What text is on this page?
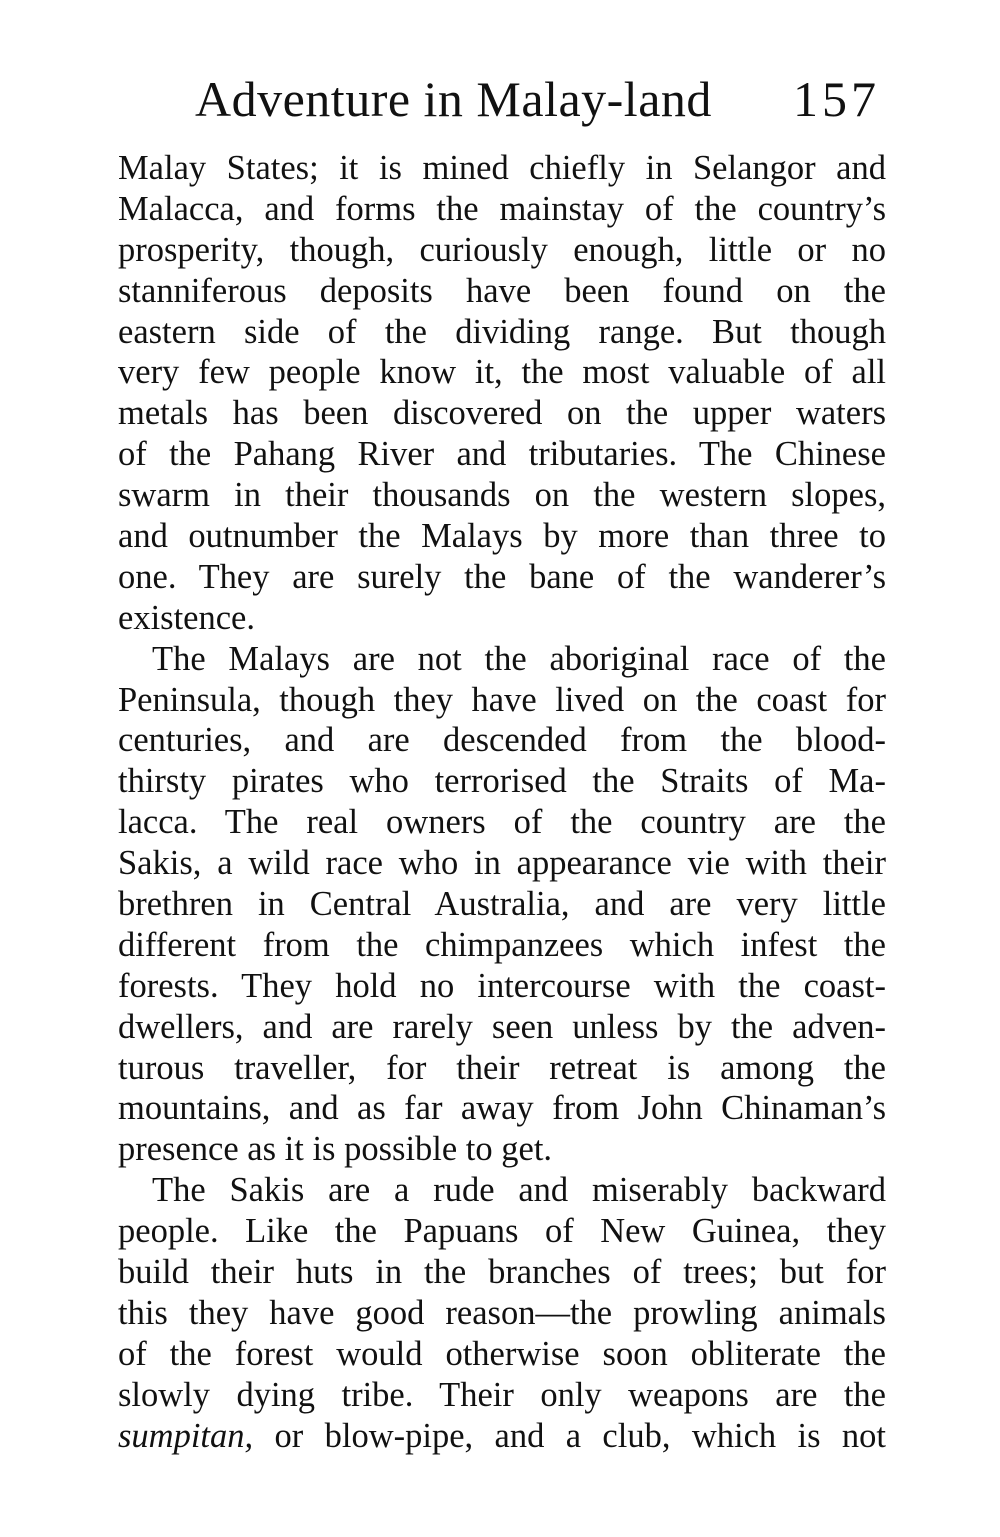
Adventure in Malay-land 157
Malay States; it is mined chiefly in Selangor and
Malacca, and forms the mainstay of the country’s
prosperity, though, curiously enough, little or no
stanniferous deposits have been found on the
eastern side of the dividing range. But though
very few people know it, the most valuable of all
metals has been discovered on the upper waters
of the Pahang River and tributaries. The Chinese
swarm in their thousands on the western slopes,
and outnumber the Malays by more than three to
one. They are surely the bane of the wanderer’s
existence.
The Malays are not the aboriginal race of the
Peninsula, though they have lived on the coast for
centuries, and are descended from the blood-
thirsty pirates who terrorised the Straits of Ma-
lacca. The real owners of the country are the
Sakis, a wild race who in appearance vie with their
brethren in Central Australia, and are very little
different from the chimpanzees which infest the
forests. They hold no intercourse with the coast-
dwellers, and are rarely seen unless by the adven-
turous traveller, for their retreat is among the
mountains, and as far away from John Chinaman’s
presence as it is possible to get.
The Sakis are a rude and miserably backward
people. Like the Papuans of New Guinea, they
build their huts in the branches of trees; but for
this they have good reason—the prowling animals
of the forest would otherwise soon obliterate the
slowly dying tribe. Their only weapons are the
sumpitan, or blow-pipe, and a club, which is not
